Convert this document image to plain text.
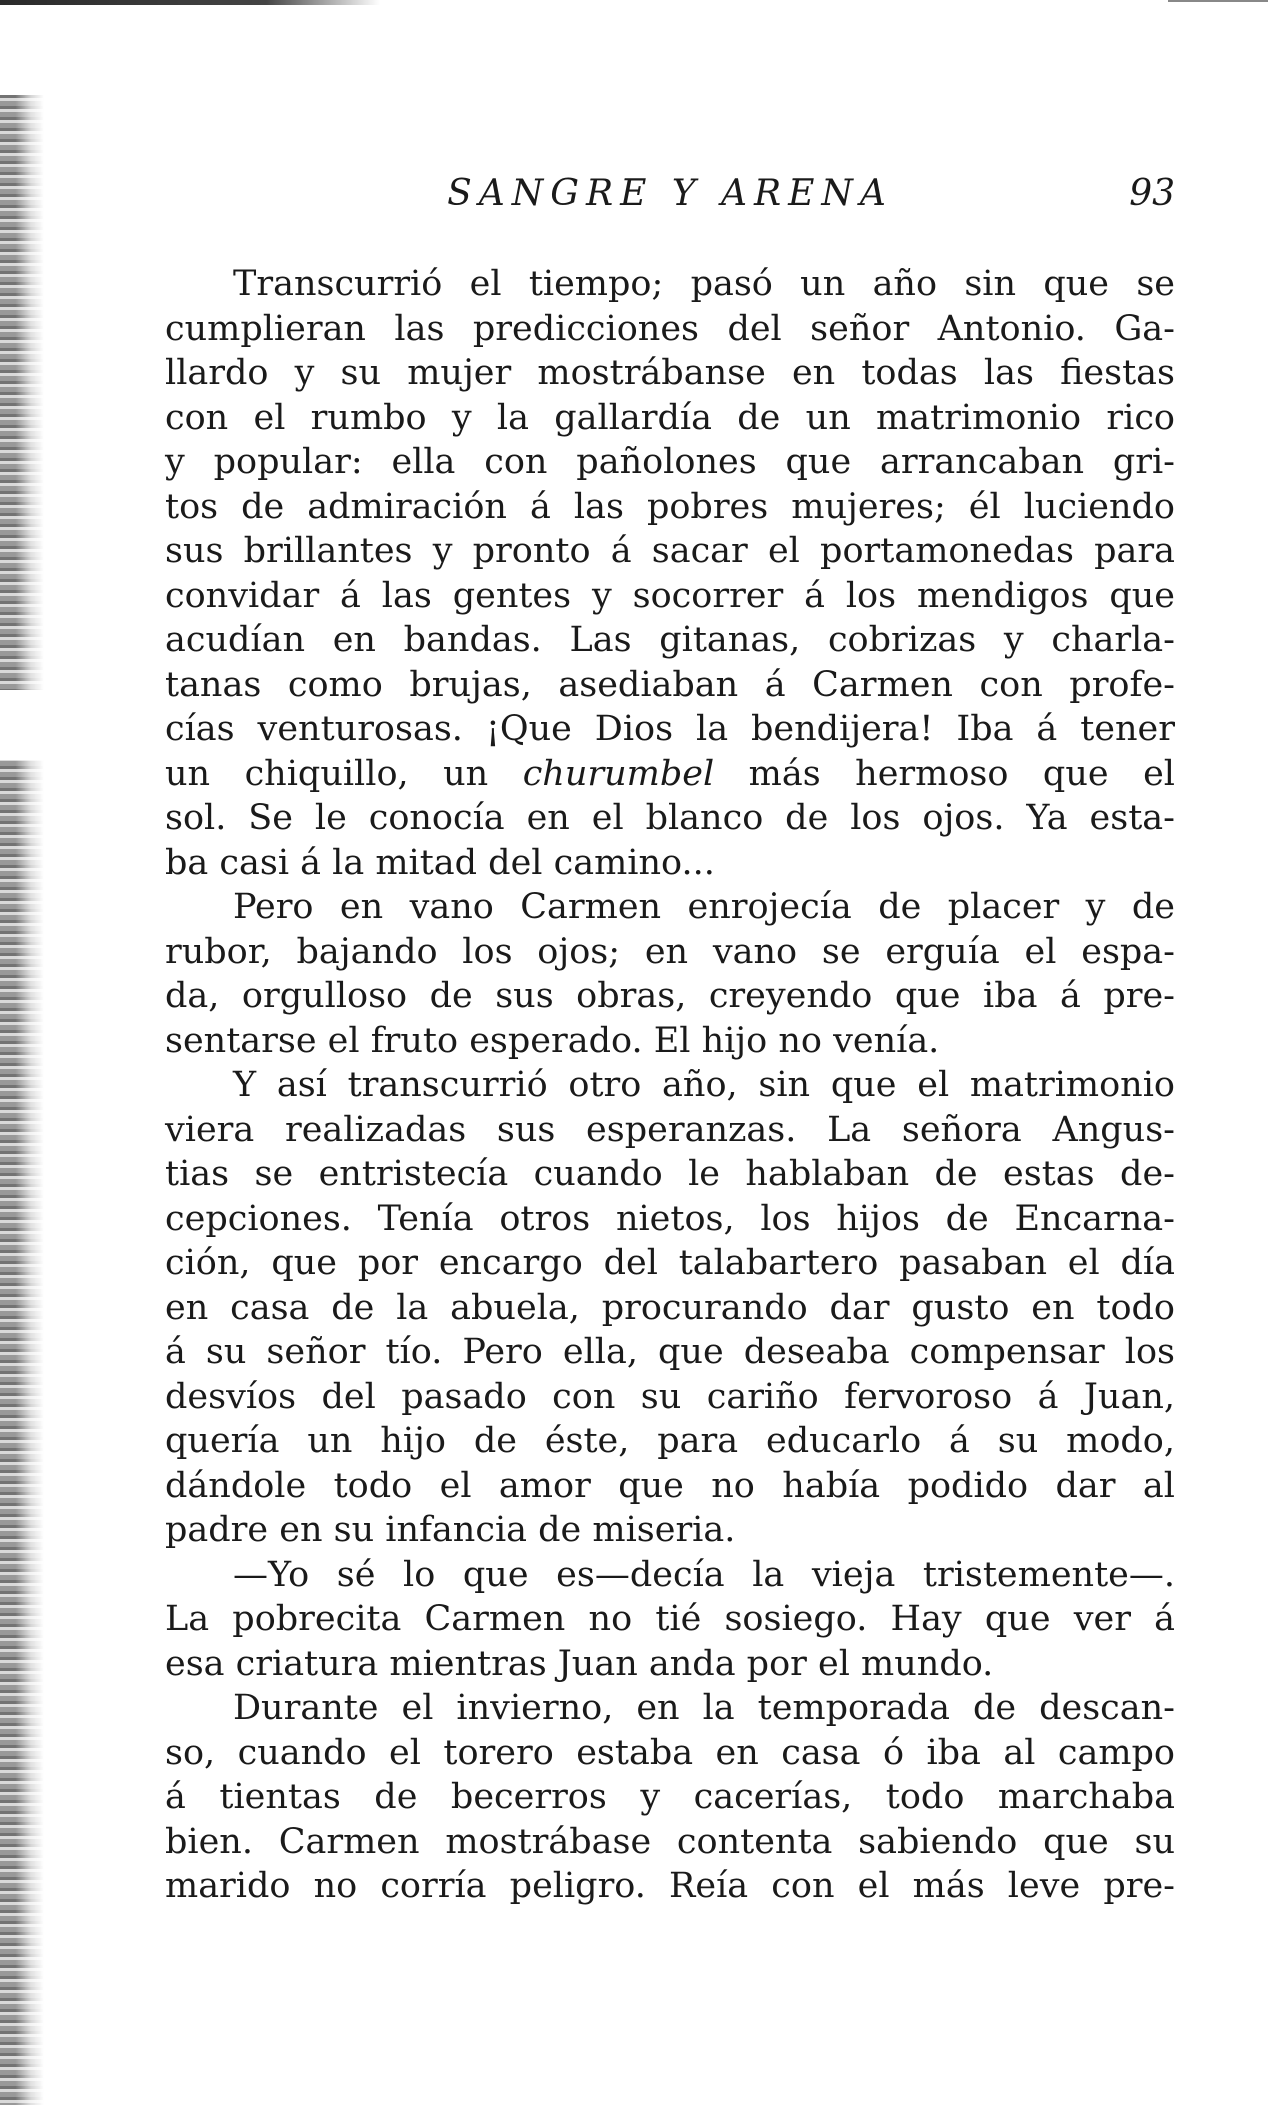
SANGRE Y ARENA	93
Transcurrió el tiempo; pasó un año sin que se
cumplieran las predicciones del señor Antonio. Ga-
llardo y su mujer mostrábanse en todas las fiestas
con el rumbo y la gallardía de un matrimonio rico
y popular: ella con pañolones que arrancaban gri-
tos de admiración á las pobres mujeres; él luciendo
sus brillantes y pronto á sacar el portamonedas para
convidar á las gentes y socorrer á los mendigos que
acudían en bandas. Las gitanas, cobrizas y charla-
tanas como brujas, asediaban á Carmen con profe-
cías venturosas. ¡Que Dios la bendijera! Iba á tener
un chiquillo, un churumbel más hermoso que el
sol. Se le conocía en el blanco de los ojos. Ya esta-
ba casi á la mitad del camino...
Pero en vano Carmen enrojecía de placer y de
rubor, bajando los ojos; en vano se erguía el espa-
da, orgulloso de sus obras, creyendo que iba á pre-
sentarse el fruto esperado. El hijo no venía.
Y así transcurrió otro año, sin que el matrimonio
viera realizadas sus esperanzas. La señora Angus-
tias se entristecía cuando le hablaban de estas de-
cepciones. Tenía otros nietos, los hijos de Encarna-
ción, que por encargo del talabartero pasaban el día
en casa de la abuela, procurando dar gusto en todo
á su señor tío. Pero ella, que deseaba compensar los
desvíos del pasado con su cariño fervoroso á Juan,
quería un hijo de éste, para educarlo á su modo,
dándole todo el amor que no había podido dar al
padre en su infancia de miseria.
—Yo sé lo que es—decía la vieja tristemente—.
La pobrecita Carmen no tié sosiego. Hay que ver á
esa criatura mientras Juan anda por el mundo.
Durante el invierno, en la temporada de descan-
so, cuando el torero estaba en casa ó iba al campo
á tientas de becerros y cacerías, todo marchaba
bien. Carmen mostrábase contenta sabiendo que su
marido no corría peligro. Reía con el más leve pre-
